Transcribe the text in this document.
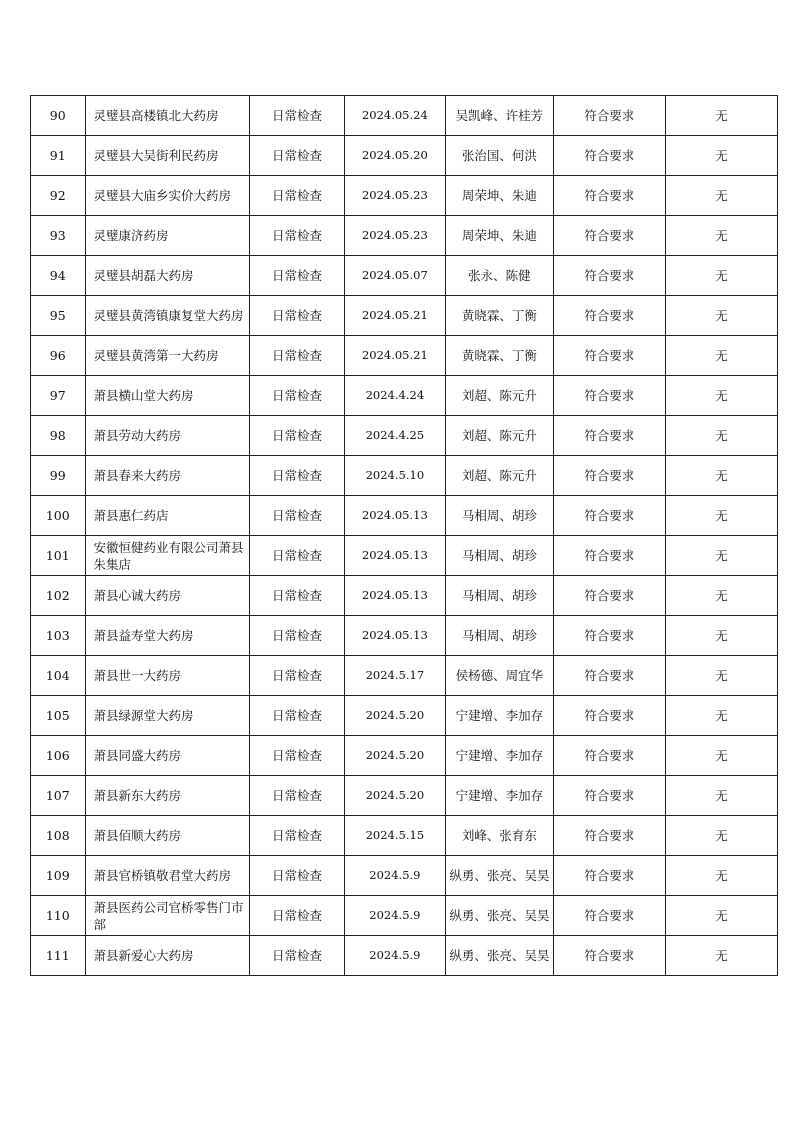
90	灵璧县高楼镇北大药房	日常检查	2024.05.24	吴凯峰、许桂芳	符合要求	无
91	灵璧县大吴街利民药房	日常检查	2024.05.20	张治国、何洪	符合要求	无
92	灵璧县大庙乡实价大药房	日常检查	2024.05.23	周荣坤、朱迪	符合要求	无
93	灵璧康济药房	日常检查	2024.05.23	周荣坤、朱迪	符合要求	无
94	灵璧县胡磊大药房	日常检查	2024.05.07	张永、陈健	符合要求	无
95	灵璧县黄湾镇康复堂大药房	日常检查	2024.05.21	黄晓霖、丁衡	符合要求	无
96	灵璧县黄湾第一大药房	日常检查	2024.05.21	黄晓霖、丁衡	符合要求	无
97	萧县横山堂大药房	日常检查	2024.4.24	刘超、陈元升	符合要求	无
98	萧县劳动大药房	日常检查	2024.4.25	刘超、陈元升	符合要求	无
99	萧县春来大药房	日常检查	2024.5.10	刘超、陈元升	符合要求	无
100	萧县惠仁药店	日常检查	2024.05.13	马相周、胡珍	符合要求	无
101	安徽恒健药业有限公司萧县朱集店	日常检查	2024.05.13	马相周、胡珍	符合要求	无
102	萧县心诚大药房	日常检查	2024.05.13	马相周、胡珍	符合要求	无
103	萧县益寿堂大药房	日常检查	2024.05.13	马相周、胡珍	符合要求	无
104	萧县世一大药房	日常检查	2024.5.17	侯杨德、周宜华	符合要求	无
105	萧县绿源堂大药房	日常检查	2024.5.20	宁建增、李加存	符合要求	无
106	萧县同盛大药房	日常检查	2024.5.20	宁建增、李加存	符合要求	无
107	萧县新东大药房	日常检查	2024.5.20	宁建增、李加存	符合要求	无
108	萧县佰顺大药房	日常检查	2024.5.15	刘峰、张育东	符合要求	无
109	萧县官桥镇敬君堂大药房	日常检查	2024.5.9	纵勇、张亮、吴昊	符合要求	无
110	萧县医药公司官桥零售门市部	日常检查	2024.5.9	纵勇、张亮、吴昊	符合要求	无
111	萧县新爱心大药房	日常检查	2024.5.9	纵勇、张亮、吴昊	符合要求	无
